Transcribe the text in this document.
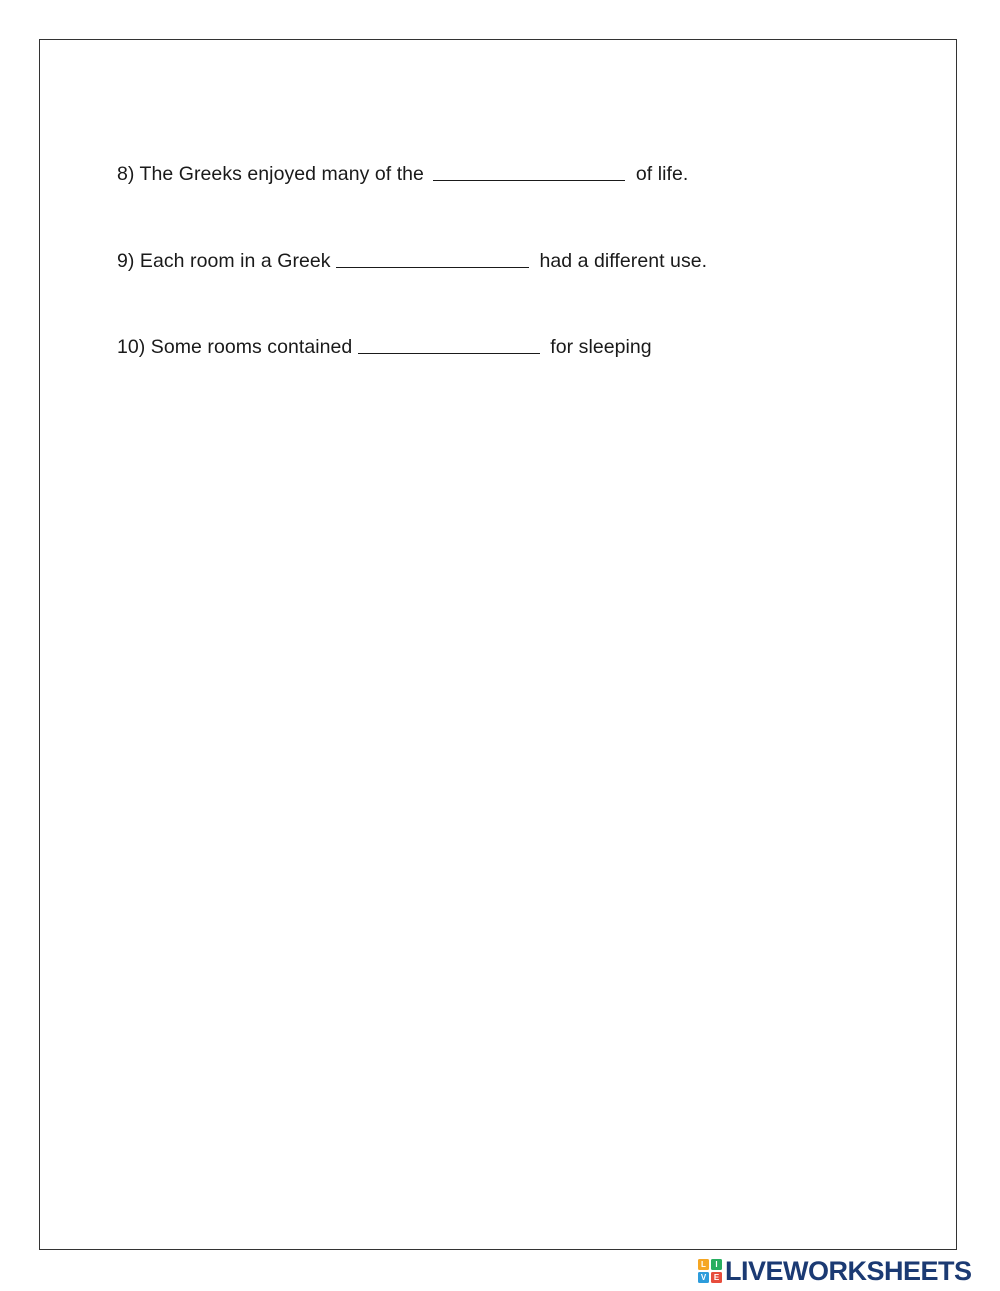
8) The Greeks enjoyed many of the	of life.
9) Each room in a Greek	had a different use.
10) Some rooms contained	for sleeping
L	I
V E LIVEWORKSHEETS
